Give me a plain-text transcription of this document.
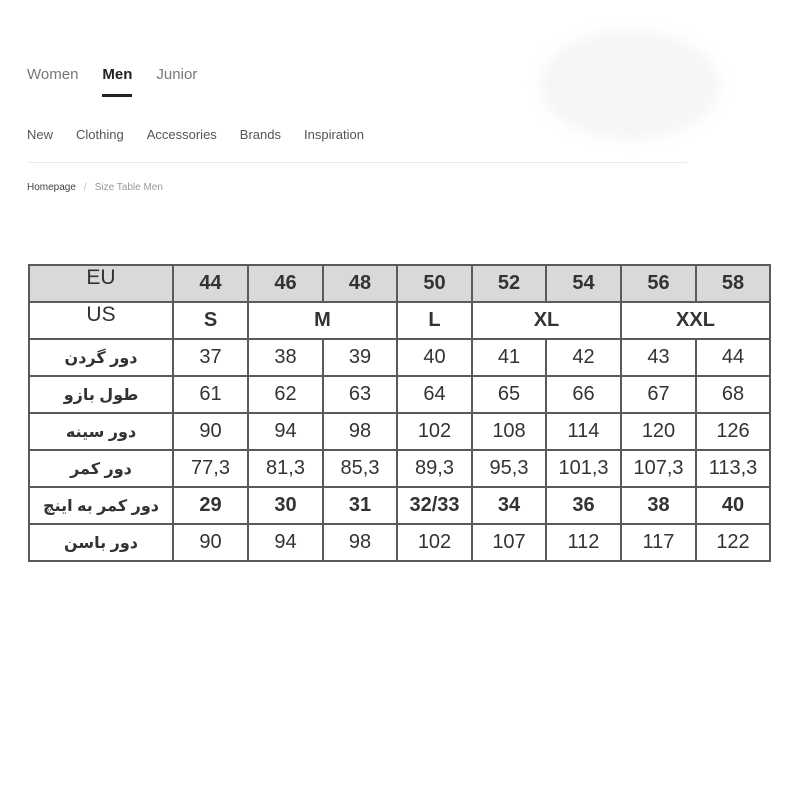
Women Men Junior
New Clothing Accessories Brands Inspiration
Homepage / Size Table Men
EU	44	46	48	50	52	54	56	58
US	S	M		L	XL		XXL	
دور گردن	37	38	39	40	41	42	43	44
طول بازو	61	62	63	64	65	66	67	68
دور سینه	90	94	98	102	108	114	120	126
دور کمر	77,3	81,3	85,3	89,3	95,3	101,3	107,3	113,3
دور کمر به اینچ	29	30	31	32/33	34	36	38	40
دور باسن	90	94	98	102	107	112	117	122
